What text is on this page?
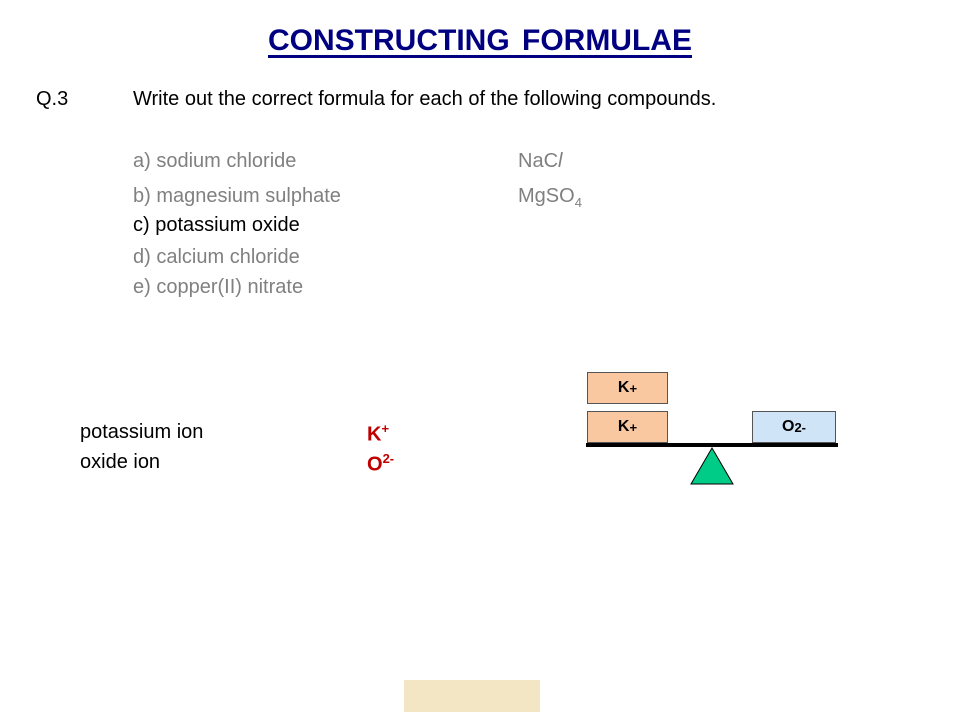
CONSTRUCTING FORMULAE
Q.3	Write out the correct formula for each of the following compounds.
a) sodium chloride	NaCl
b) magnesium sulphate	MgSO$_4$
c) potassium oxide
d) calcium chloride
e) copper(II) nitrate
potassium ion	K+
oxide ion	$O^{2-}$
K +
K +	O 2-
